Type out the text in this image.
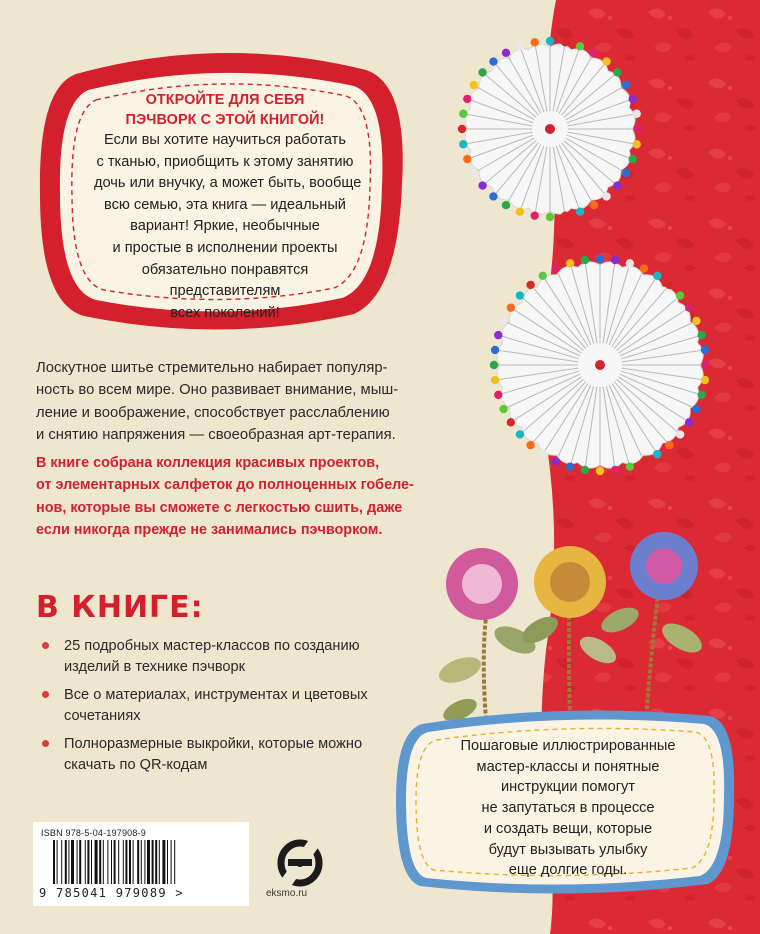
ОТКРОЙТЕ ДЛЯ СЕБЯ
ПЭЧВОРК С ЭТОЙ КНИГОЙ!
Если вы хотите научиться работать
с тканью, приобщить к этому занятию
дочь или внучку, а может быть, вообще
всю семью, эта книга — идеальный
вариант! Яркие, необычные
и простые в исполнении проекты
обязательно понравятся
представителям
всех поколений!
Лоскутное шитье стремительно набирает популяр-
ность во всем мире. Оно развивает внимание, мыш-
ление и воображение, способствует расслаблению
и снятию напряжения — своеобразная арт-терапия.
В книге собрана коллекция красивых проектов,
от элементарных салфеток до полноценных гобеле-
нов, которые вы сможете с легкостью сшить, даже
если никогда прежде не занимались пэчворком.
В КНИГЕ:
25 подробных мастер-классов по созданию изделий в технике пэчворк
Все о материалах, инструментах и цветовых сочетаниях
Полноразмерные выкройки, которые можно скачать по QR-кодам
ISBN 978-5-04-197908-9
9 785041 979089 >	eksmo.ru
Пошаговые иллюстрированные
мастер-классы и понятные
инструкции помогут
не запутаться в процессе
и создать вещи, которые
будут вызывать улыбку
еще долгие годы.
